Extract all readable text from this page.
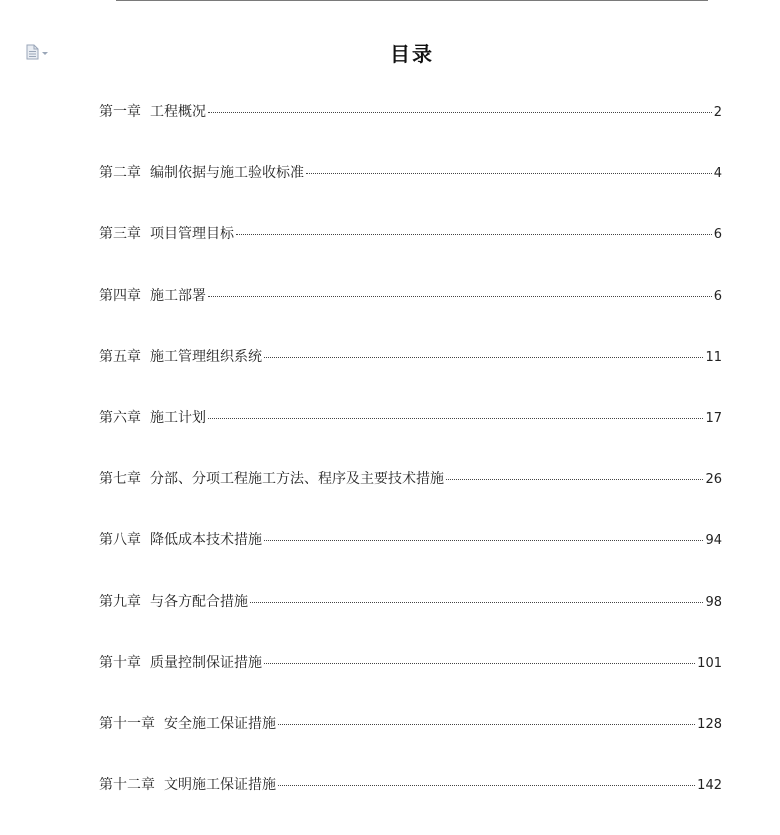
目录
第一章 工程概况	2
第二章 编制依据与施工验收标准	4
第三章 项目管理目标	6
第四章 施工部署	6
第五章 施工管理组织系统	11
第六章 施工计划	17
第七章 分部、分项工程施工方法、程序及主要技术措施	26
第八章 降低成本技术措施	94
第九章 与各方配合措施	98
第十章 质量控制保证措施	101
第十一章 安全施工保证措施	128
第十二章 文明施工保证措施	142
